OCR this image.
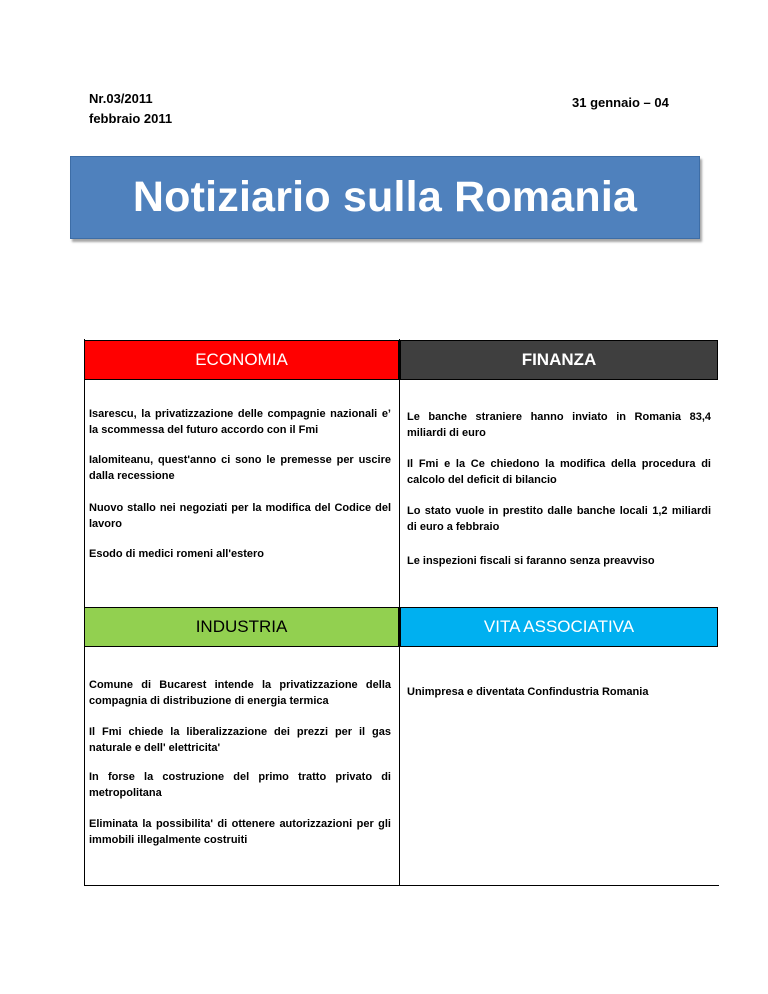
Nr.03/2011
febbraio 2011
31 gennaio – 04
Notiziario sulla Romania
ECONOMIA	FINANZA
Isarescu, la privatizzazione delle compagnie nazionali e’ la scommessa del futuro accordo con il Fmi
Ialomiteanu, quest'anno ci sono le premesse per uscire dalla recessione
Nuovo stallo nei negoziati per la modifica del Codice del lavoro
Esodo di medici romeni all'estero
Le banche straniere hanno inviato in Romania 83,4 miliardi di euro
Il Fmi e la Ce chiedono la modifica della procedura di calcolo del deficit di bilancio
Lo stato vuole in prestito dalle banche locali 1,2 miliardi di euro a febbraio
Le inspezioni fiscali si faranno senza preavviso
INDUSTRIA	VITA ASSOCIATIVA
Comune di Bucarest intende la privatizzazione della compagnia di distribuzione di energia termica
Il Fmi chiede la liberalizzazione dei prezzi per il gas naturale e dell' elettricita'
In forse la costruzione del primo tratto privato di metropolitana
Eliminata la possibilita' di ottenere autorizzazioni per gli immobili illegalmente costruiti
Unimpresa e diventata Confindustria Romania
